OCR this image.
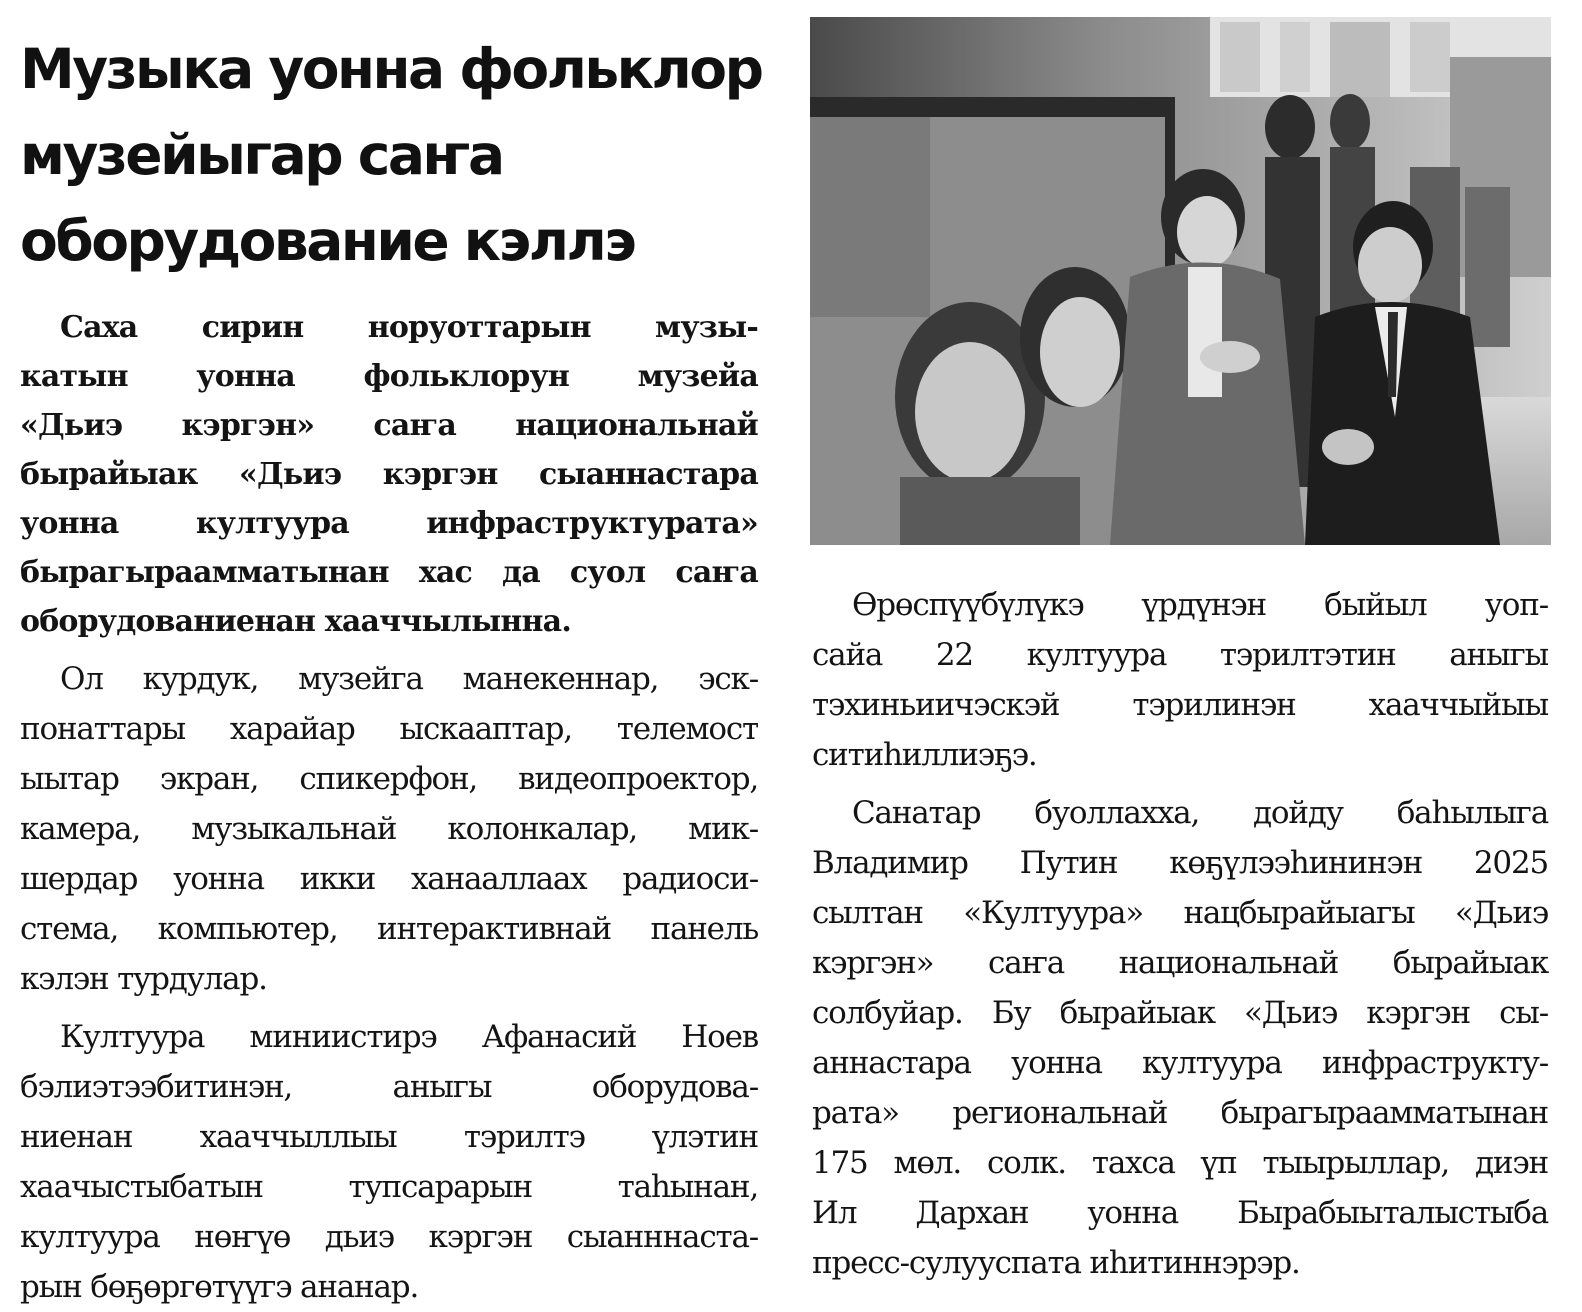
Музыка уонна фольклор
музейыгар саҥа
оборудование кэллэ
Саха сирин норуоттарын музы-
катын уонна фольклорун музейа
«Дьиэ кэргэн» саҥа национальнай
бырайыак «Дьиэ кэргэн сыаннастара
уонна култуура инфраструктурата»
бырагыраамматынан хас да суол саҥа
оборудованиенан хааччылынна.
Ол курдук, музейга манекеннар, эск-
понаттары харайар ыскааптар, телемост
ыытар экран, спикерфон, видеопроектор,
камера, музыкальнай колонкалар, мик-
шердар уонна икки ханааллаах радиоси-
стема, компьютер, интерактивнай панель
кэлэн турдулар.
Култуура миниистирэ Афанасий Ноев
бэлиэтээбитинэн, аныгы оборудова-
ниенан хааччыллыы тэрилтэ үлэтин
хаачыстыбатын тупсарарын таһынан,
култуура нөҥүө дьиэ кэргэн сыанннаста-
рын бөҕөргөтүүгэ ананар.
Өрөспүүбүлүкэ үрдүнэн быйыл уоп-
сайа 22 култуура тэрилтэтин аныгы
тэхиньиичэскэй тэрилинэн хааччыйыы
ситиһиллиэҕэ.
Санатар буоллахха, дойду баһылыга
Владимир Путин көҕүлээһининэн 2025
сылтан «Култуура» нацбырайыагы «Дьиэ
кэргэн» саҥа национальнай бырайыак
солбуйар. Бу бырайыак «Дьиэ кэргэн сы-
аннастара уонна култуура инфраструкту-
рата» региональнай бырагыраамматынан
175 мөл. солк. тахса үп тыырыллар, диэн
Ил Дархан уонна Бырабыыталыстыба
пресс-сулууспата иһитиннэрэр.
